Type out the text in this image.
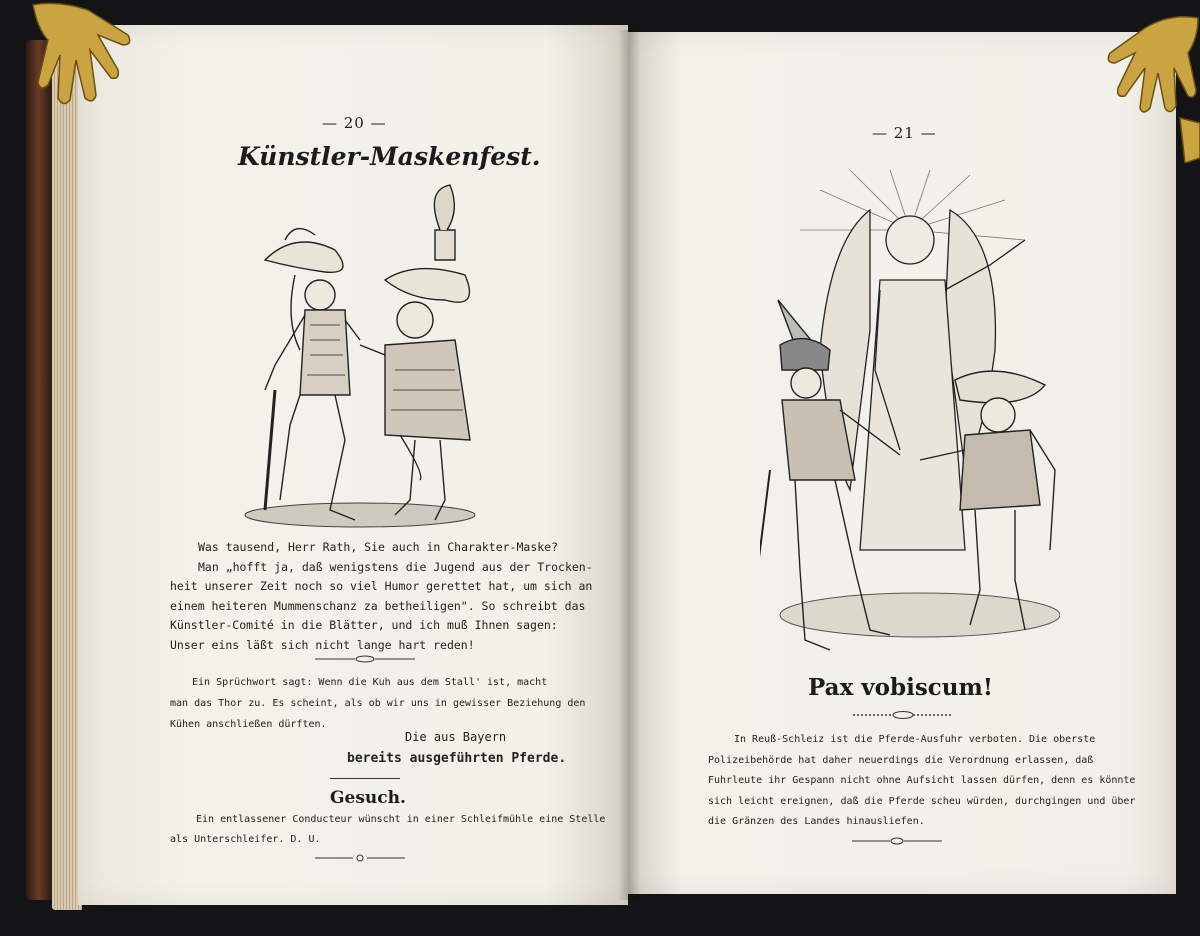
— 20 —
Künstler-Maskenfest.
Was tausend, Herr Rath, Sie auch in Charakter-Maske?
Man „hofft ja, daß wenigstens die Jugend aus der Trocken-
heit unserer Zeit noch so viel Humor gerettet hat, um sich an
einem heiteren Mummenschanz za betheiligen". So schreibt das
Künstler-Comité in die Blätter, und ich muß Ihnen sagen:
Unser eins läßt sich nicht lange hart reden!
Ein Sprüchwort sagt: Wenn die Kuh aus dem Stall' ist, macht
man das Thor zu. Es scheint, als ob wir uns in gewisser Beziehung den
Kühen anschließen dürften.
Die aus Bayern
bereits ausgeführten Pferde.
Gesuch.
Ein entlassener Conducteur wünscht in einer Schleifmühle eine Stelle
als Unterschleifer. D. U.
— 21 —
Pax vobiscum!
In Reuß-Schleiz ist die Pferde-Ausfuhr verboten. Die oberste
Polizeibehörde hat daher neuerdings die Verordnung erlassen, daß
Fuhrleute ihr Gespann nicht ohne Aufsicht lassen dürfen, denn es könnte
sich leicht ereignen, daß die Pferde scheu würden, durchgingen und über
die Gränzen des Landes hinausliefen.
